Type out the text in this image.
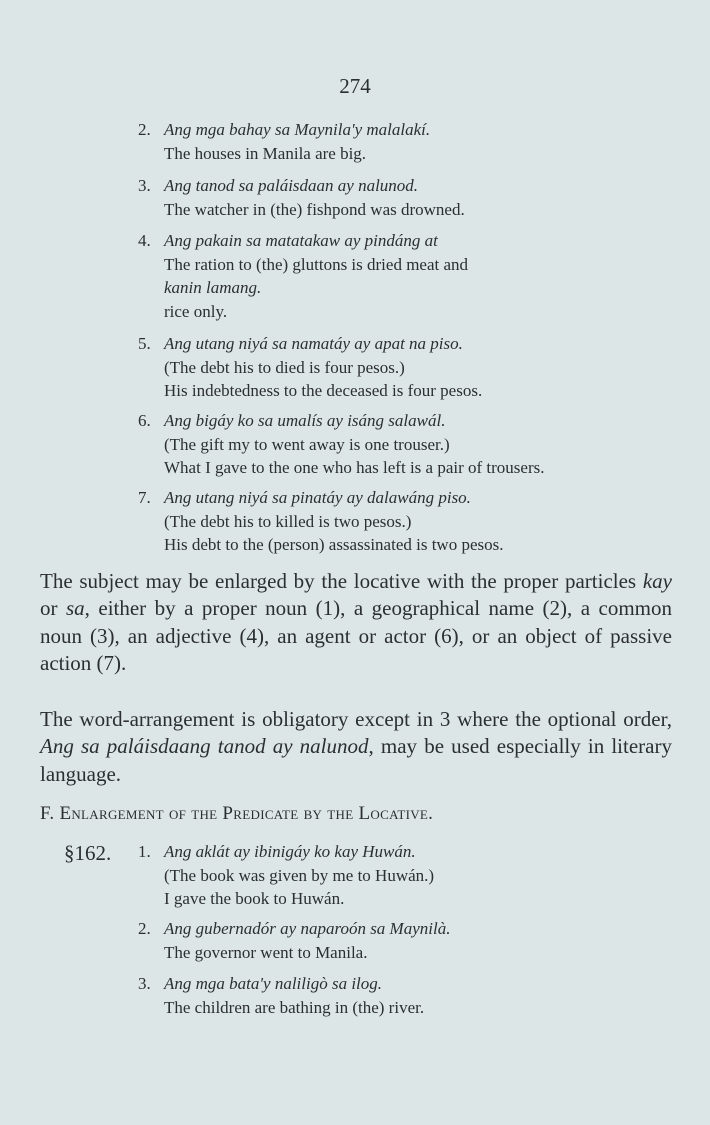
274
2. Ang mga bahay sa Maynila'y malalakí.
The houses in Manila are big.
3. Ang tanod sa paláisdaan ay nalunod.
The watcher in (the) fishpond was drowned.
4. Ang pakain sa matatakaw ay pindáng at
The ration to (the) gluttons is dried meat and
kanin lamang.
rice only.
5. Ang utang niyá sa namatáy ay apat na piso.
(The debt his to died is four pesos.)
His indebtedness to the deceased is four pesos.
6. Ang bigáy ko sa umalís ay isáng salawál.
(The gift my to went away is one trouser.)
What I gave to the one who has left is a pair of trousers.
7. Ang utang niyá sa pinatáy ay dalawáng piso.
(The debt his to killed is two pesos.)
His debt to the (person) assassinated is two pesos.
The subject may be enlarged by the locative with the proper particles kay or sa, either by a proper noun (1), a geographical name (2), a common noun (3), an adjective (4), an agent or actor (6), or an object of passive action (7).
The word-arrangement is obligatory except in 3 where the optional order, Ang sa paláisdaang tanod ay nalunod, may be used especially in literary language.
F. Enlargement of the Predicate by the Locative.
§162. 1. Ang aklát ay ibinigáy ko kay Huwán.
(The book was given by me to Huwán.)
I gave the book to Huwán.
2. Ang gubernadór ay naparoón sa Maynilà.
The governor went to Manila.
3. Ang mga bata'y naliligò sa ilog.
The children are bathing in (the) river.
